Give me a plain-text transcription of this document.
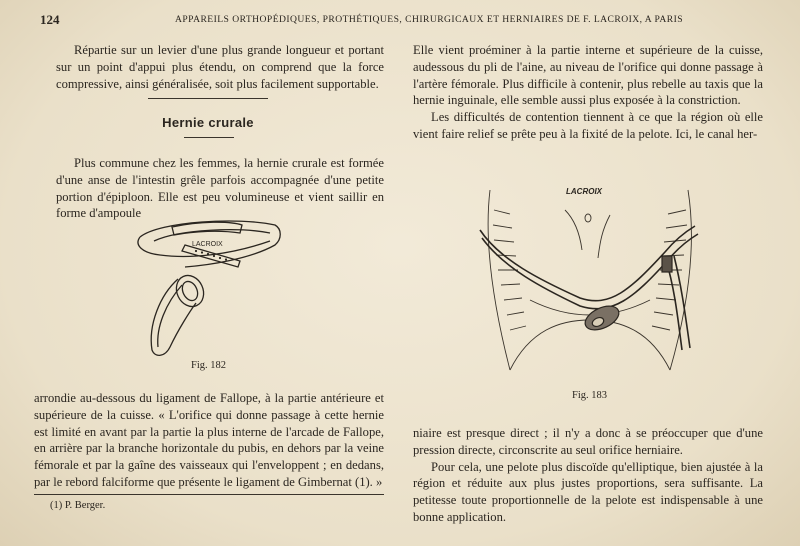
124	APPAREILS ORTHOPÉDIQUES, PROTHÉTIQUES, CHIRURGICAUX ET HERNIAIRES DE F. LACROIX, A PARIS

Répartie sur un levier d'une plus grande longueur et portant sur un point d'appui plus étendu, on comprend que la force compressive, ainsi généralisée, soit plus facilement supportable.

Hernie crurale

Plus commune chez les femmes, la hernie crurale est formée d'une anse de l'intestin grêle parfois accompagnée d'une petite portion d'épiploon. Elle est peu volumineuse et vient saillir en forme d'ampoule

LACROIX
Fig. 182

arrondie au-dessous du ligament de Fallope, à la partie antérieure et supérieure de la cuisse. « L'orifice qui donne passage à cette hernie est limité en avant par la partie la plus interne de l'arcade de Fallope, en arrière par la branche horizontale du pubis, en dehors par la veine fémorale et par la gaîne des vaisseaux qui l'enveloppent ; en dedans, par le rebord falciforme que présente le ligament de Gimbernat (1). »

(1) P. Berger.

Elle vient proéminer à la partie interne et supérieure de la cuisse, audessous du pli de l'aine, au niveau de l'orifice qui donne passage à l'artère fémorale. Plus difficile à contenir, plus rebelle au taxis que la hernie inguinale, elle semble aussi plus exposée à la constriction.

Les difficultés de contention tiennent à ce que la région où elle vient faire relief se prête peu à la fixité de la pelote. Ici, le canal her-

LACROIX
Fig. 183

niaire est presque direct ; il n'y a donc à se préoccuper que d'une pression directe, circonscrite au seul orifice herniaire.

Pour cela, une pelote plus discoïde qu'elliptique, bien ajustée à la région et réduite aux plus justes proportions, sera suffisante. La petitesse toute proportionnelle de la pelote est indispensable à une bonne application.
